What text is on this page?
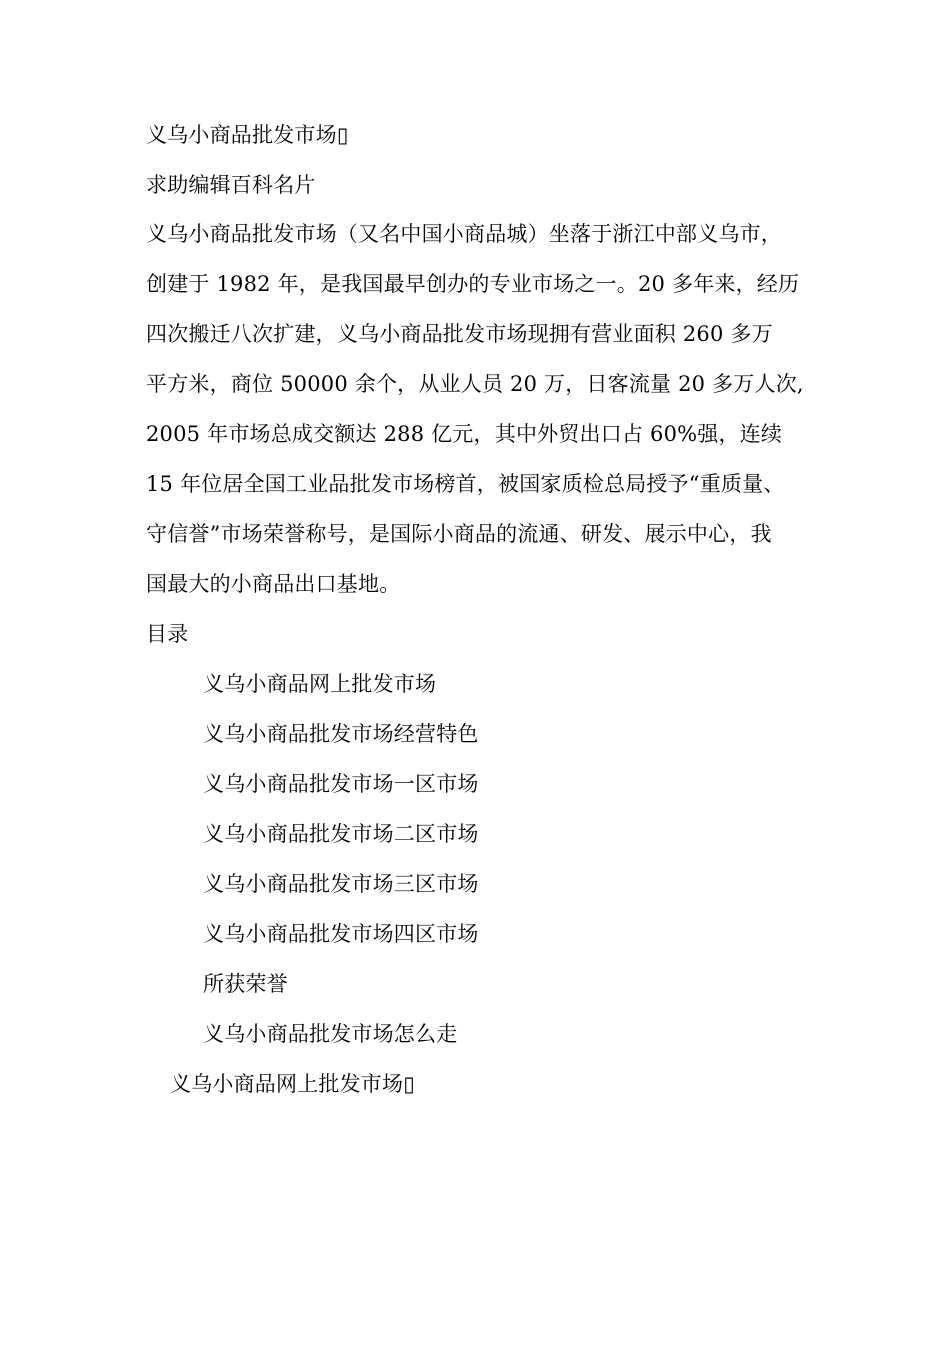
义乌小商品批发市场▯
求助编辑百科名片
义乌小商品批发市场（又名中国小商品城）坐落于浙江中部义乌市，
创建于 1982 年，是我国最早创办的专业市场之一。20 多年来，经历
四次搬迁八次扩建，义乌小商品批发市场现拥有营业面积 260 多万
平方米，商位 50000 余个，从业人员 20 万，日客流量 20 多万人次,
2005 年市场总成交额达 288 亿元，其中外贸出口占 60%强，连续
15 年位居全国工业品批发市场榜首，被国家质检总局授予“重质量、
守信誉”市场荣誉称号，是国际小商品的流通、研发、展示中心，我
国最大的小商品出口基地。
目录
义乌小商品网上批发市场
义乌小商品批发市场经营特色
义乌小商品批发市场一区市场
义乌小商品批发市场二区市场
义乌小商品批发市场三区市场
义乌小商品批发市场四区市场
所获荣誉
义乌小商品批发市场怎么走
义乌小商品网上批发市场▯
